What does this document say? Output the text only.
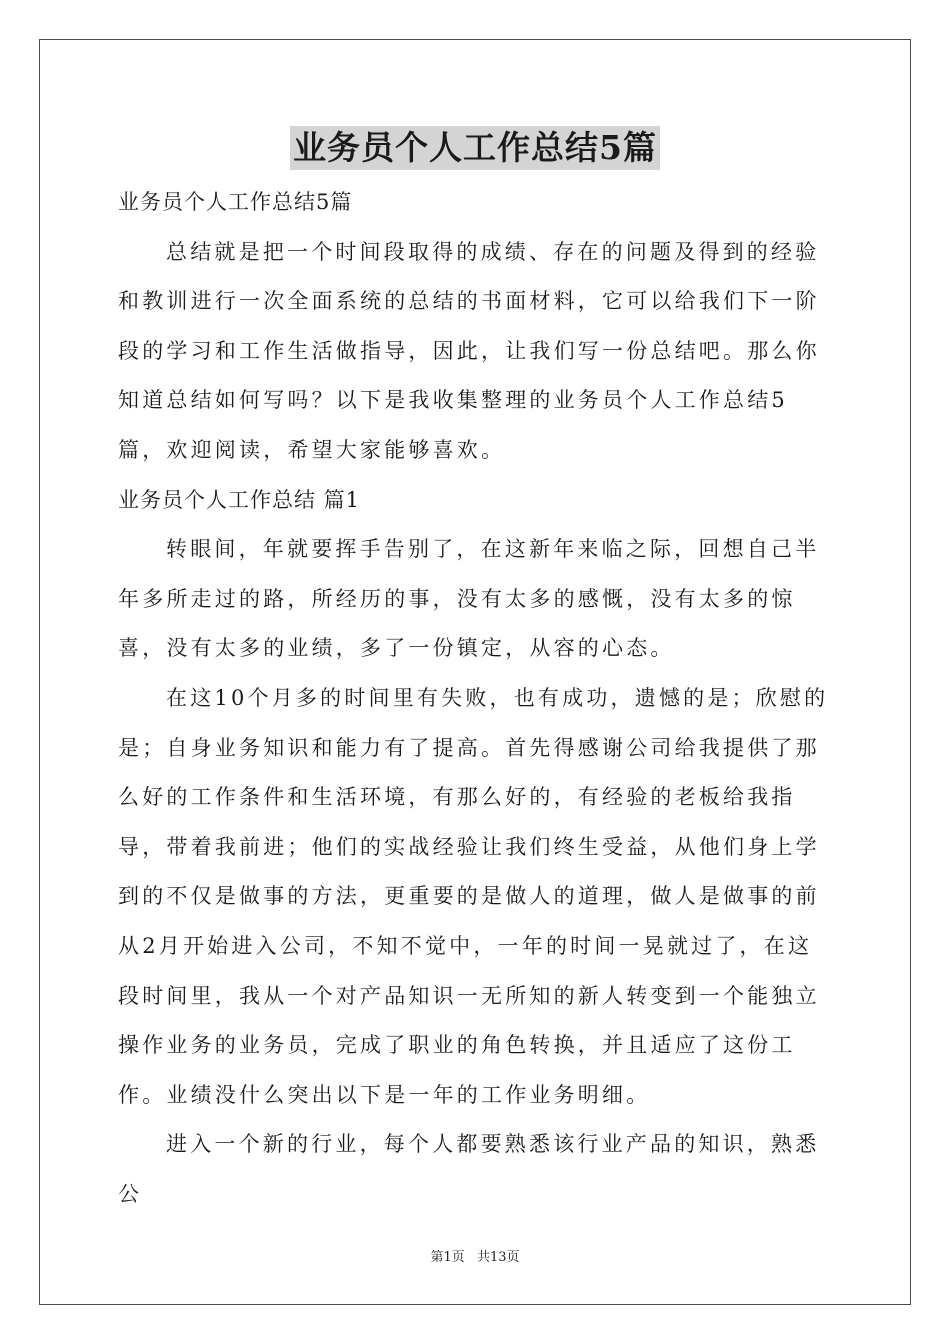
业务员个人工作总结5篇

业务员个人工作总结5篇

总结就是把一个时间段取得的成绩、存在的问题及得到的经验和教训进行一次全面系统的总结的书面材料，它可以给我们下一阶段的学习和工作生活做指导，因此，让我们写一份总结吧。那么你知道总结如何写吗？以下是我收集整理的业务员个人工作总结5篇，欢迎阅读，希望大家能够喜欢。

业务员个人工作总结 篇1

转眼间，年就要挥手告别了，在这新年来临之际，回想自己半年多所走过的路，所经历的事，没有太多的感慨，没有太多的惊喜，没有太多的业绩，多了一份镇定，从容的心态。

在这10个月多的时间里有失败，也有成功，遗憾的是；欣慰的是；自身业务知识和能力有了提高。首先得感谢公司给我提供了那么好的工作条件和生活环境，有那么好的，有经验的老板给我指导，带着我前进；他们的实战经验让我们终生受益，从他们身上学到的不仅是做事的方法，更重要的是做人的道理，做人是做事的前从2月开始进入公司，不知不觉中，一年的时间一晃就过了，在这段时间里，我从一个对产品知识一无所知的新人转变到一个能独立操作业务的业务员，完成了职业的角色转换，并且适应了这份工作。业绩没什么突出以下是一年的工作业务明细。

进入一个新的行业，每个人都要熟悉该行业产品的知识，熟悉公

第1页 共13页
